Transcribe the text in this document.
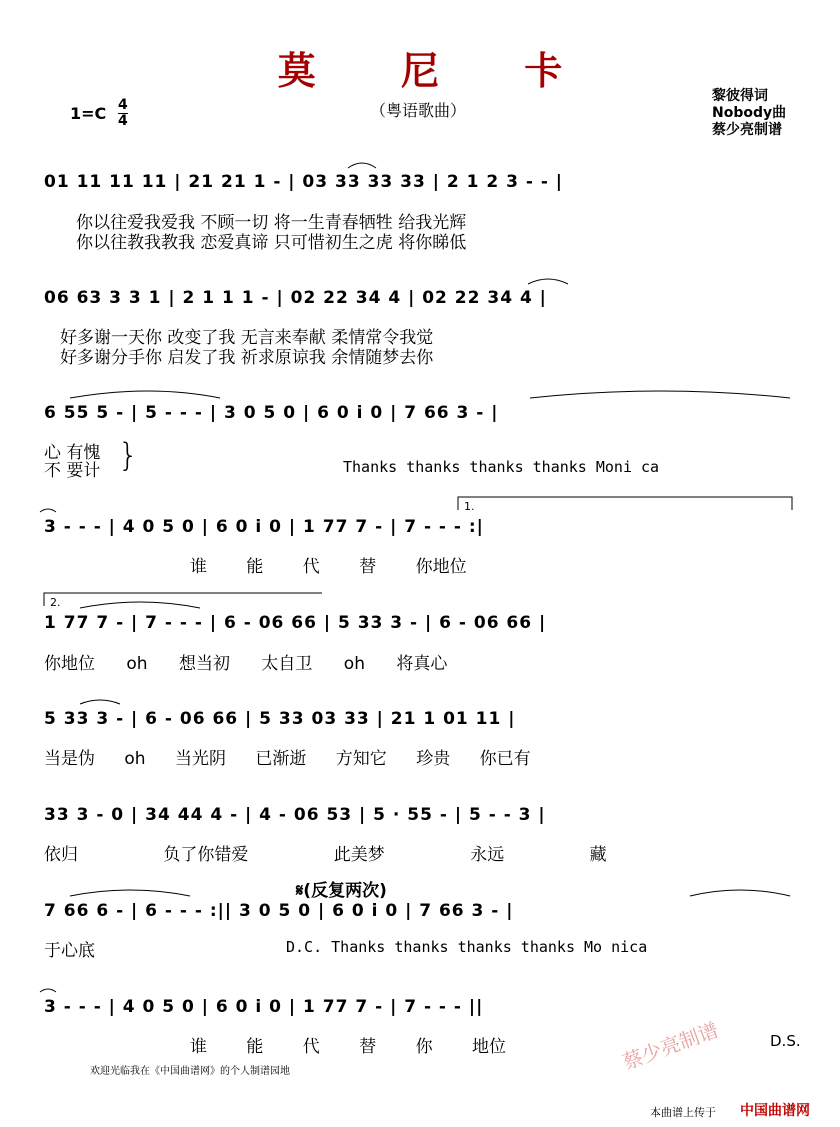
莫 尼 卡
（粤语歌曲）
1=C 4
4
黎彼得词
Nobody曲
蔡少亮制谱
01 11 11 11 | 21 21 1 - | 03 33 33 33 | 2 1 2 3 - - |
你以往爱我爱我 不顾一切 将一生青春牺牲 给我光辉
你以往教我教我 恋爱真谛 只可惜初生之虎 将你睇低
06 63 3 3 1 | 2 1 1 1 - | 02 22 34 4 | 02 22 34 4 |
好多谢一天你 改变了我 无言来奉献 柔情常令我觉
好多谢分手你 启发了我 祈求原谅我 余情随梦去你
6 55 5 - | 5 - - - | 3 0 5 0 | 6 0 i 0 | 7 66 3 - |
心 有愧
不 要计 }	Thanks thanks thanks thanks Moni ca
3 - - - | 4 0 5 0 | 6 0 i 0 | 1 77 7 - | 7 - - - :|
1.
谁 能 代 替 你地位
1 77 7 - | 7 - - - | 6 - 06 66 | 5 33 3 - | 6 - 06 66 |
2.
你地位 oh 想当初 太自卫 oh 将真心
5 33 3 - | 6 - 06 66 | 5 33 03 33 | 21 1 01 11 |
当是伪 oh 当光阴 已渐逝 方知它 珍贵 你已有
33 3 - 0 | 34 44 4 - | 4 - 06 53 | 5 · 55 - | 5 - - 3 |
依归 负了你错爱 此美梦 永远 藏
𝄋(反复两次)
7 66 6 - | 6 - - - :|| 3 0 5 0 | 6 0 i 0 | 7 66 3 - |
于心底	D.C. Thanks thanks thanks thanks Mo nica
3 - - - | 4 0 5 0 | 6 0 i 0 | 1 77 7 - | 7 - - - ||
谁 能 代 替 你 地位	D.S.
欢迎光临我在《中国曲谱网》的个人制谱园地	蔡少亮制谱
本曲谱上传于 中国曲谱网
